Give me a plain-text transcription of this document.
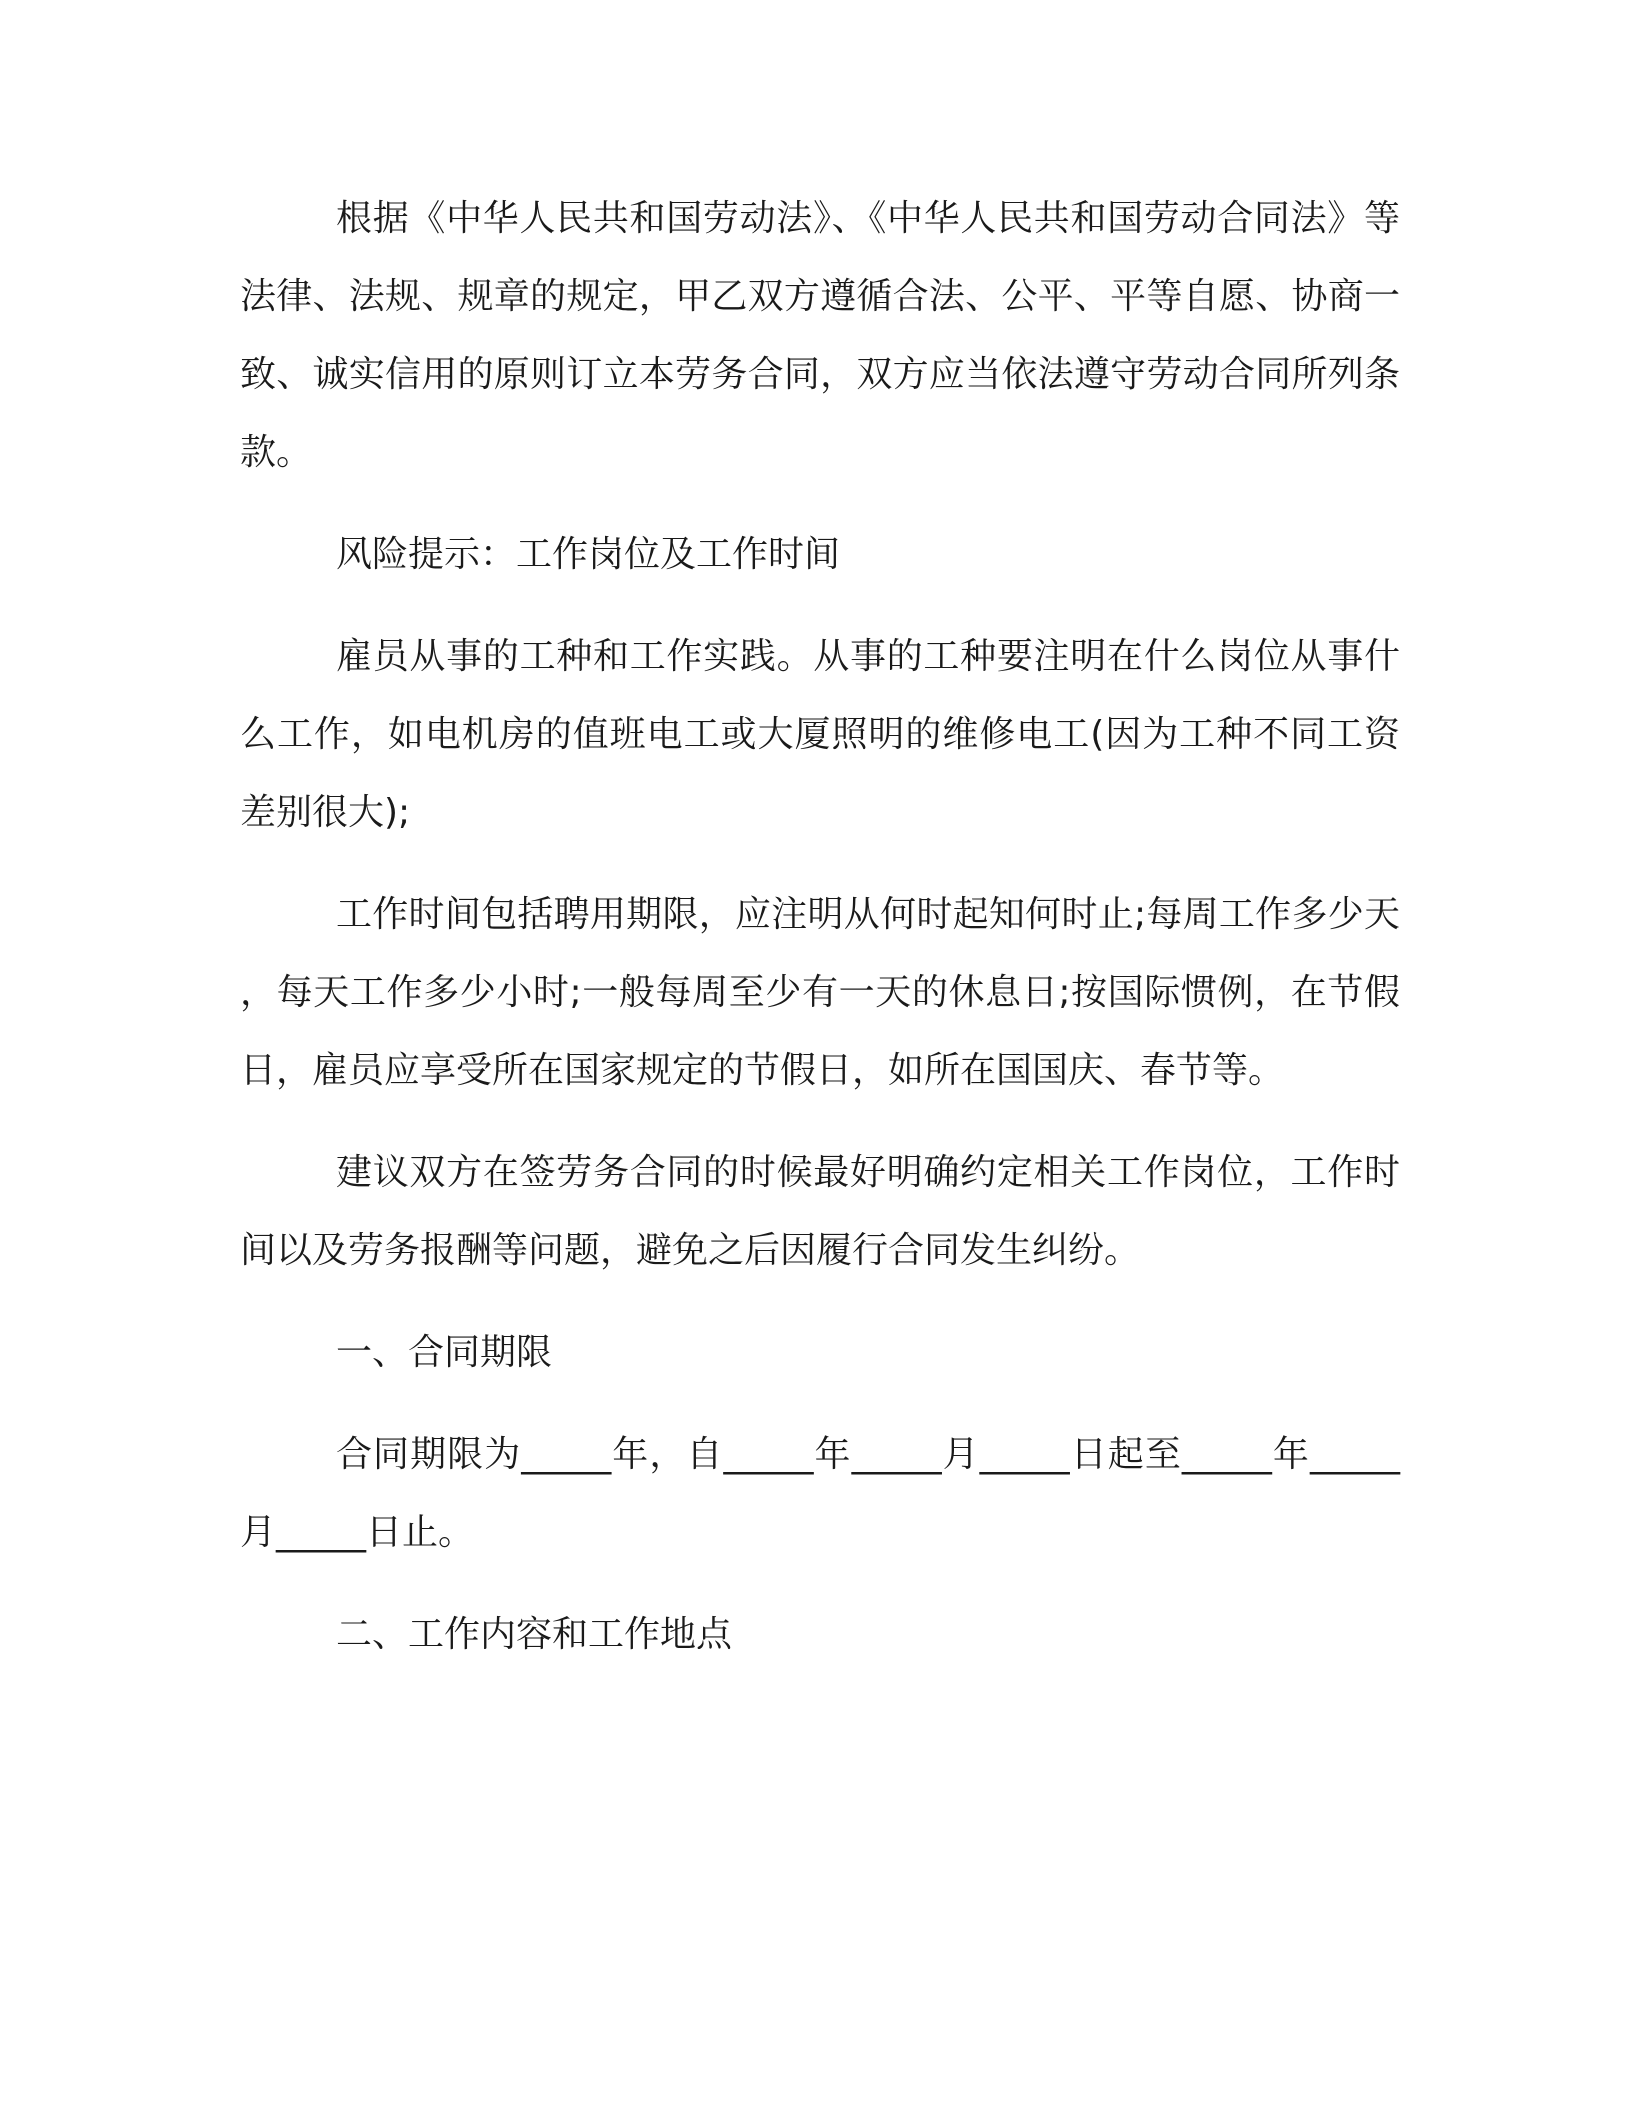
根据《中华人民共和国劳动法》、《中华人民共和国劳动合同法》等法律、法规、规章的规定，甲乙双方遵循合法、公平、平等自愿、协商一致、诚实信用的原则订立本劳务合同，双方应当依法遵守劳动合同所列条款。

风险提示：工作岗位及工作时间

雇员从事的工种和工作实践。从事的工种要注明在什么岗位从事什么工作，如电机房的值班电工或大厦照明的维修电工(因为工种不同工资差别很大);

工作时间包括聘用期限，应注明从何时起知何时止;每周工作多少天，每天工作多少小时;一般每周至少有一天的休息日;按国际惯例，在节假日，雇员应享受所在国家规定的节假日，如所在国国庆、春节等。

建议双方在签劳务合同的时候最好明确约定相关工作岗位，工作时间以及劳务报酬等问题，避免之后因履行合同发生纠纷。

一、合同期限

合同期限为_____年，自_____年_____月_____日起至_____年_____月_____日止。

二、工作内容和工作地点
